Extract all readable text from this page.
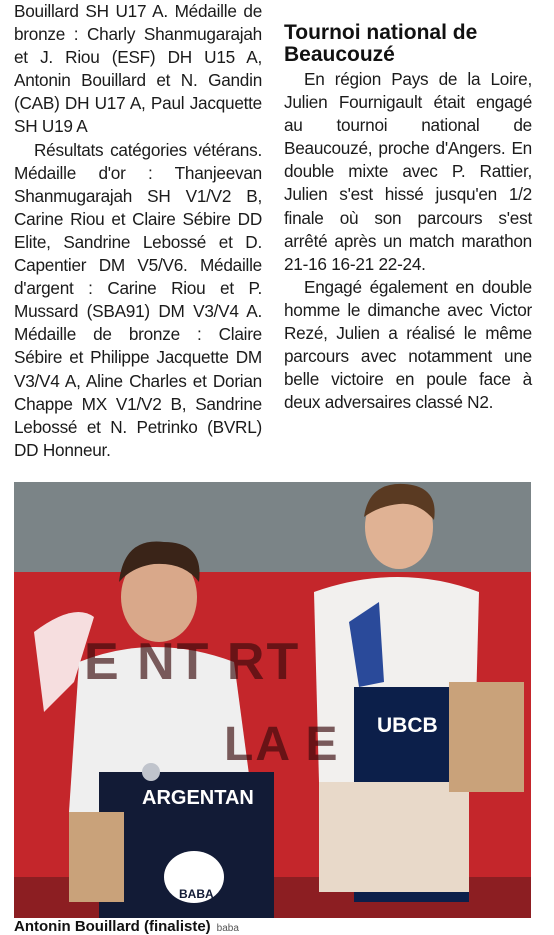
Bouillard SH U17 A. Médaille de bronze : Charly Shanmugarajah et J. Riou (ESF) DH U15 A, Antonin Bouillard et N. Gandin (CAB) DH U17 A, Paul Jacquette SH U19 A

Résultats catégories vétérans. Médaille d'or : Thanjeevan Shanmugarajah SH V1/V2 B, Carine Riou et Claire Sébire DD Elite, Sandrine Lebossé et D. Capentier DM V5/V6. Médaille d'argent : Carine Riou et P. Mussard (SBA91) DM V3/V4 A. Médaille de bronze : Claire Sébire et Philippe Jacquette DM V3/V4 A, Aline Charles et Dorian Chappe MX V1/V2 B, Sandrine Lebossé et N. Petrinko (BVRL) DD Honneur.

Tournoi national de Beaucouzé

En région Pays de la Loire, Julien Fournigault était engagé au tournoi national de Beaucouzé, proche d'Angers. En double mixte avec P. Rattier, Julien s'est hissé jusqu'en 1/2 finale où son parcours s'est arrêté après un match marathon 21-16 16-21 22-24.

Engagé également en double homme le dimanche avec Victor Rezé, Julien a réalisé le même parcours avec notamment une belle victoire en poule face à deux adversaires classé N2.

E NT RT
LA E
ARGENTAN
UBCB
BABA
Antonin Bouillard (finaliste) baba
